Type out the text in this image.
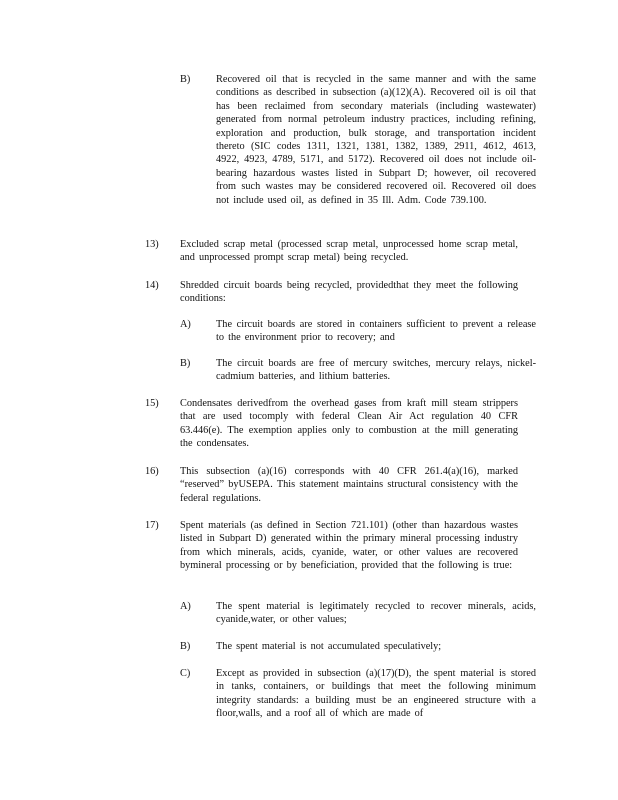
B) Recovered oil that is recycled in the same manner and with the same conditions as described in subsection (a)(12)(A). Recovered oil is oil that has been reclaimed from secondary materials (including wastewater) generated from normal petroleum industry practices, including refining, exploration and production, bulk storage, and transportation incident thereto (SIC codes 1311, 1321, 1381, 1382, 1389, 2911, 4612, 4613, 4922, 4923, 4789, 5171, and 5172). Recovered oil does not include oil-bearing hazardous wastes listed in Subpart D; however, oil recovered from such wastes may be considered recovered oil. Recovered oil does not include used oil, as defined in 35 Ill. Adm. Code 739.100.
13) Excluded scrap metal (processed scrap metal, unprocessed home scrap metal, and unprocessed prompt scrap metal) being recycled.
14) Shredded circuit boards being recycled, providedthat they meet the following conditions:
A) The circuit boards are stored in containers sufficient to prevent a release to the environment prior to recovery; and
B) The circuit boards are free of mercury switches, mercury relays, nickel-cadmium batteries, and lithium batteries.
15) Condensates derivedfrom the overhead gases from kraft mill steam strippers that are used tocomply with federal Clean Air Act regulation 40 CFR 63.446(e). The exemption applies only to combustion at the mill generating the condensates.
16) This subsection (a)(16) corresponds with 40 CFR 261.4(a)(16), marked “reserved” byUSEPA. This statement maintains structural consistency with the federal regulations.
17) Spent materials (as defined in Section 721.101) (other than hazardous wastes listed in Subpart D) generated within the primary mineral processing industry from which minerals, acids, cyanide, water, or other values are recovered bymineral processing or by beneficiation, provided that the following is true:
A) The spent material is legitimately recycled to recover minerals, acids, cyanide,water, or other values;
B) The spent material is not accumulated speculatively;
C) Except as provided in subsection (a)(17)(D), the spent material is stored in tanks, containers, or buildings that meet the following minimum integrity standards: a building must be an engineered structure with a floor,walls, and a roof all of which are made of
